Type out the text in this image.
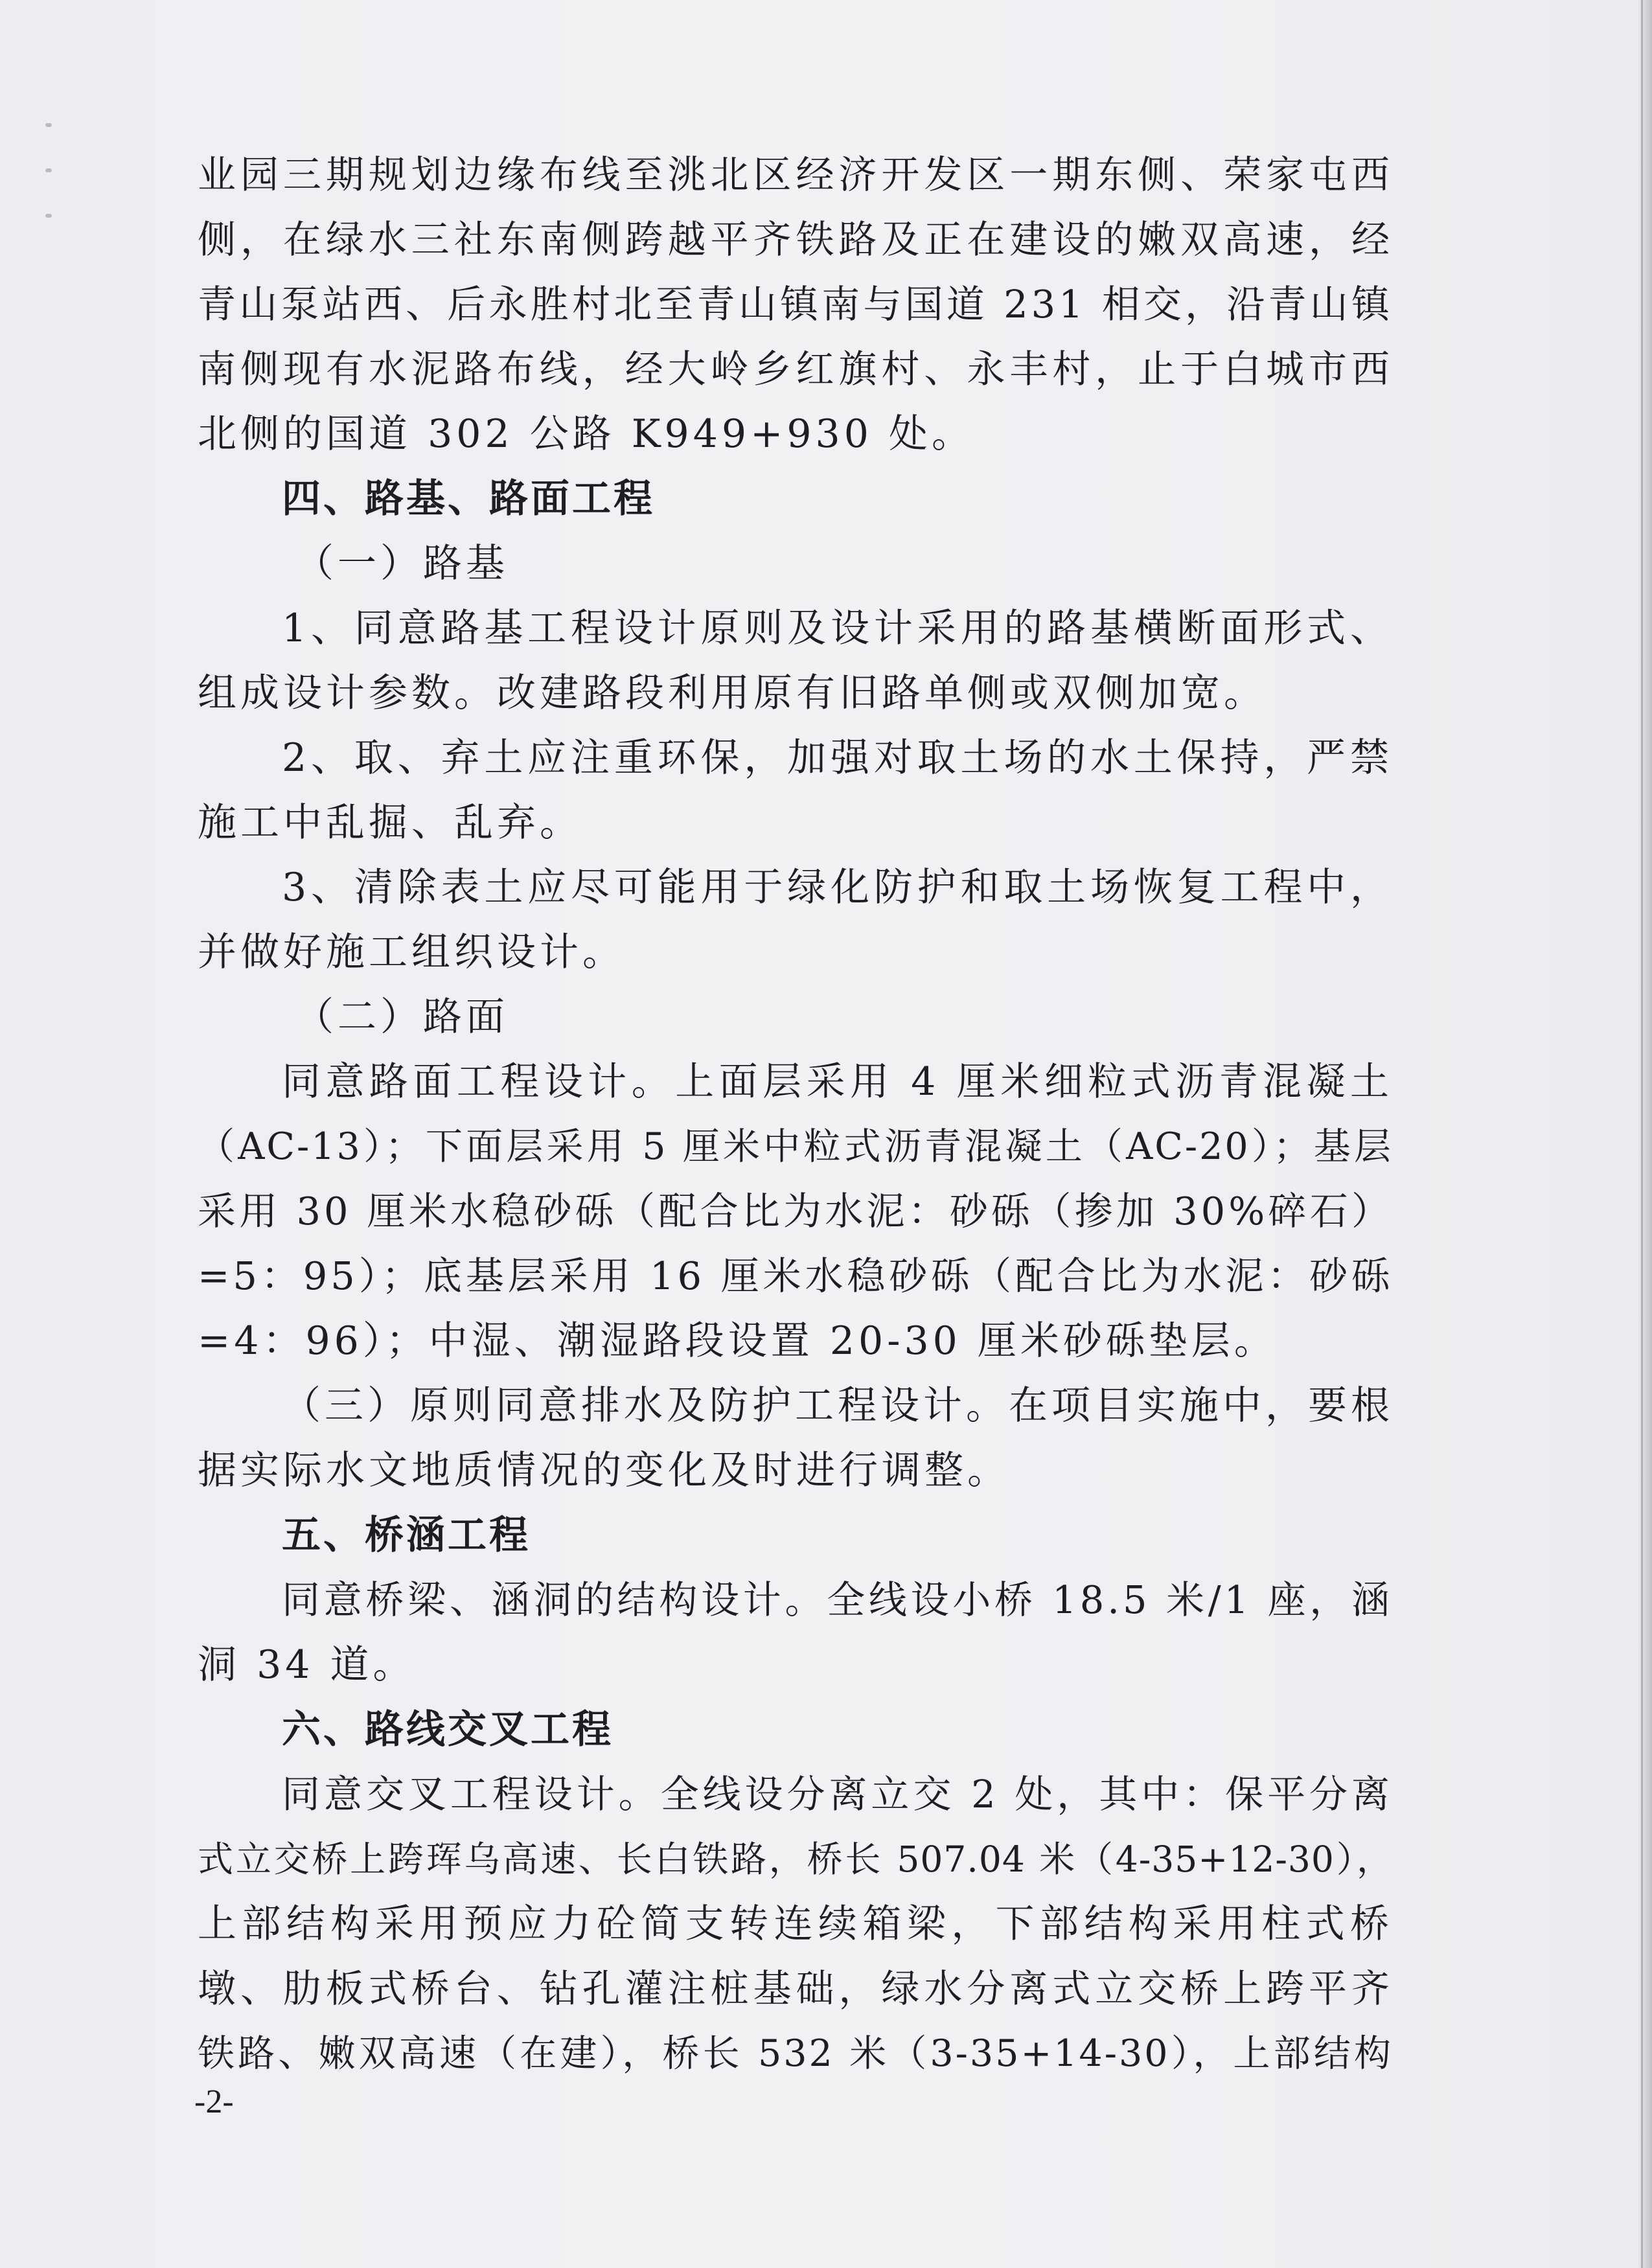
业园三期规划边缘布线至洮北区经济开发区一期东侧、荣家屯西
侧，在绿水三社东南侧跨越平齐铁路及正在建设的嫩双高速，经
青山泵站西、后永胜村北至青山镇南与国道 231 相交，沿青山镇
南侧现有水泥路布线，经大岭乡红旗村、永丰村，止于白城市西
北侧的国道 302 公路 K949+930 处。
四、路基、路面工程
（一）路基
1、同意路基工程设计原则及设计采用的路基横断面形式、
组成设计参数。改建路段利用原有旧路单侧或双侧加宽。
2、取、弃土应注重环保，加强对取土场的水土保持，严禁
施工中乱掘、乱弃。
3、清除表土应尽可能用于绿化防护和取土场恢复工程中，
并做好施工组织设计。
（二）路面
同意路面工程设计。上面层采用 4 厘米细粒式沥青混凝土
（AC-13）；下面层采用 5 厘米中粒式沥青混凝土（AC-20）；基层
采用 30 厘米水稳砂砾（配合比为水泥：砂砾（掺加 30%碎石）
=5：95）；底基层采用 16 厘米水稳砂砾（配合比为水泥：砂砾
=4：96）；中湿、潮湿路段设置 20-30 厘米砂砾垫层。
（三）原则同意排水及防护工程设计。在项目实施中，要根
据实际水文地质情况的变化及时进行调整。
五、桥涵工程
同意桥梁、涵洞的结构设计。全线设小桥 18.5 米/1 座，涵
洞 34 道。
六、路线交叉工程
同意交叉工程设计。全线设分离立交 2 处，其中：保平分离
式立交桥上跨珲乌高速、长白铁路，桥长 507.04 米（4-35+12-30），
上部结构采用预应力砼简支转连续箱梁，下部结构采用柱式桥
墩、肋板式桥台、钻孔灌注桩基础，绿水分离式立交桥上跨平齐
铁路、嫩双高速（在建），桥长 532 米（3-35+14-30），上部结构
-2-
